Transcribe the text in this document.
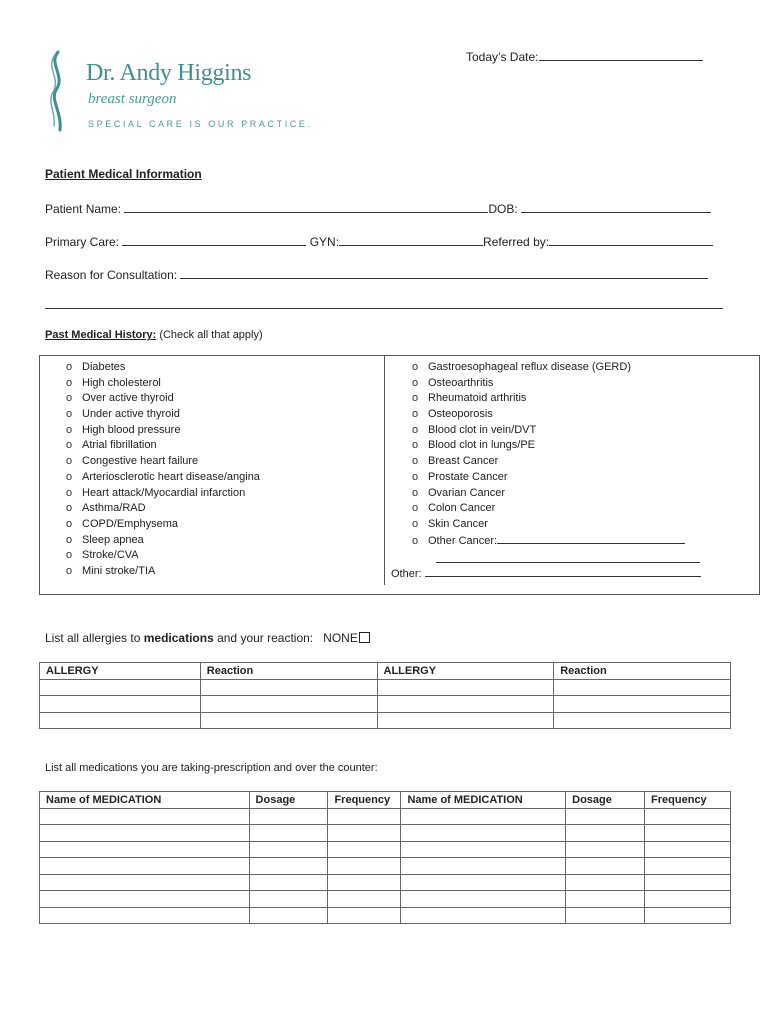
Dr. Andy Higgins
breast surgeon
SPECIAL CARE IS OUR PRACTICE.
Today’s Date:
Patient Medical Information
Patient Name:	DOB:
Primary Care:	GYN:	Referred by:
Reason for Consultation:
Past Medical History: (Check all that apply)
o Diabetes
o High cholesterol
o Over active thyroid
o Under active thyroid
o High blood pressure
o Atrial fibrillation
o Congestive heart failure
o Arteriosclerotic heart disease/angina
o Heart attack/Myocardial infarction
o Asthma/RAD
o COPD/Emphysema
o Sleep apnea
o Stroke/CVA
o Mini stroke/TIA
o Gastroesophageal reflux disease (GERD)
o Osteoarthritis
o Rheumatoid arthritis
o Osteoporosis
o Blood clot in vein/DVT
o Blood clot in lungs/PE
o Breast Cancer
o Prostate Cancer
o Ovarian Cancer
o Colon Cancer
o Skin Cancer
o Other Cancer:
Other:
List all allergies to medications and your reaction: NONE
ALLERGY	Reaction	ALLERGY	Reaction

List all medications you are taking-prescription and over the counter:
Name of MEDICATION	Dosage	Frequency	Name of MEDICATION	Dosage	Frequency
